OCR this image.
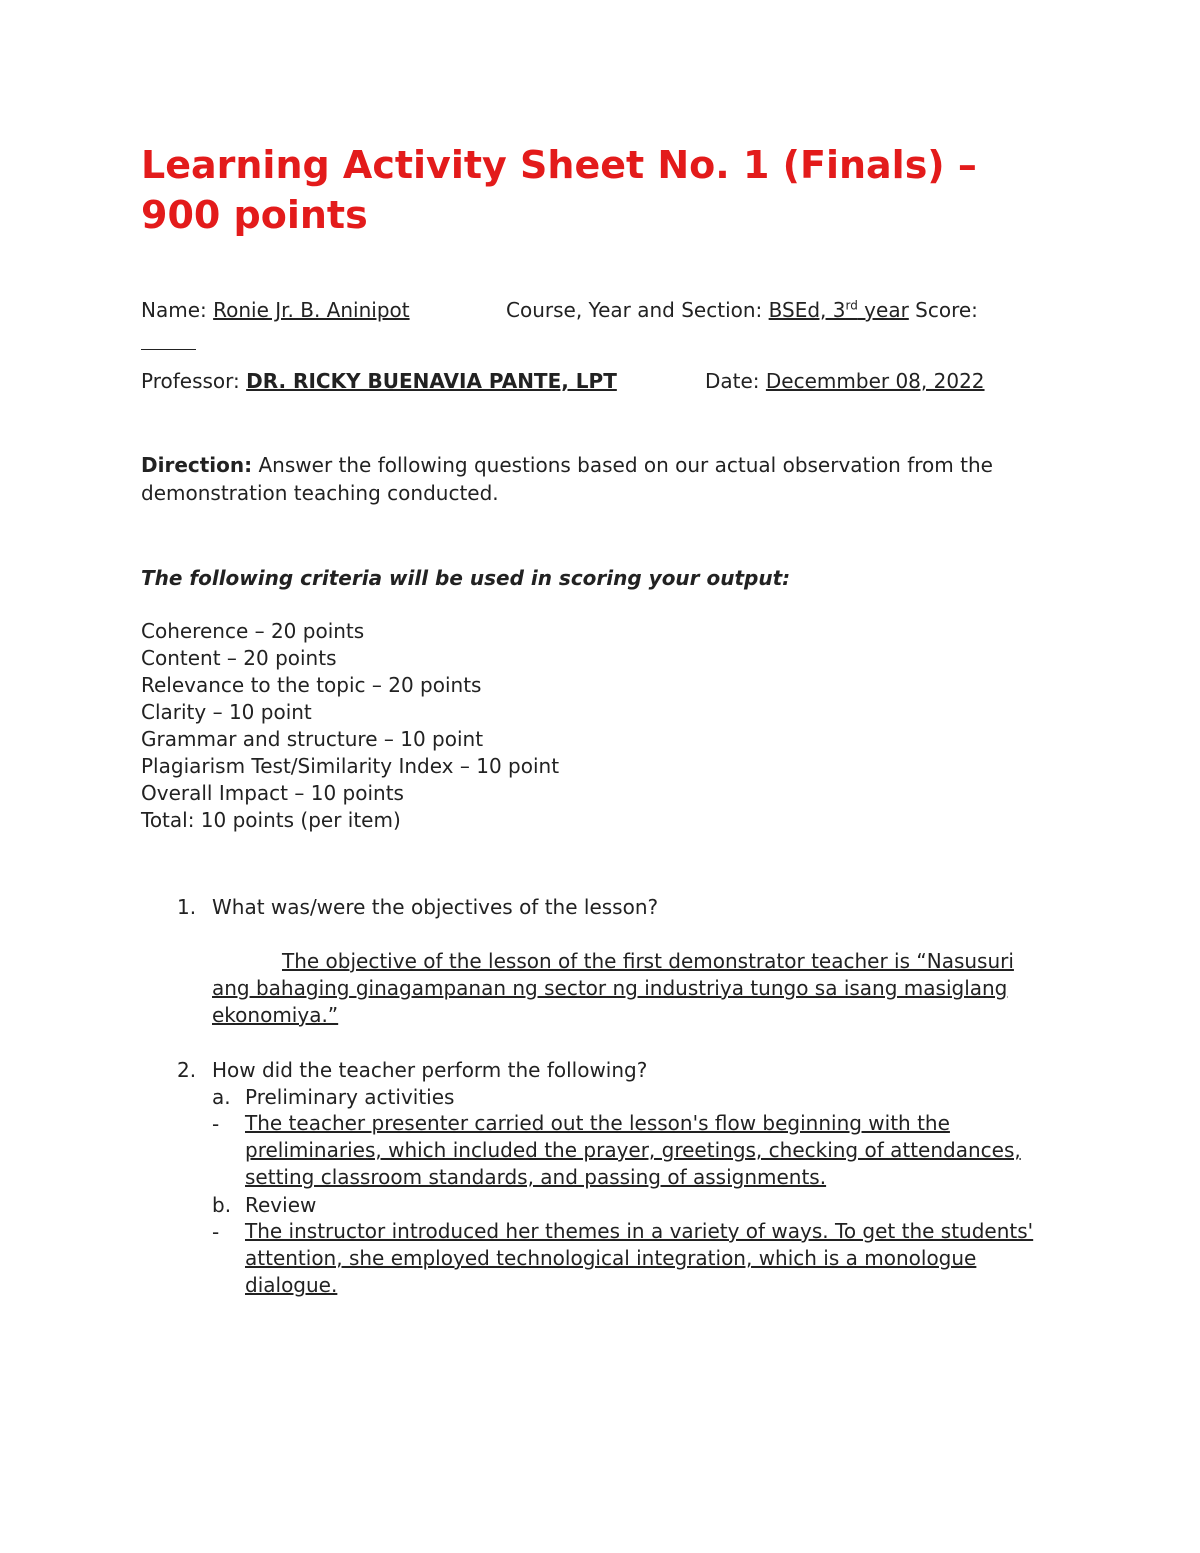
Learning Activity Sheet No. 1 (Finals) – 900 points

Name: Ronie Jr. B. Aninipot	Course, Year and Section: BSEd, 3rd year Score:

Professor: DR. RICKY BUENAVIA PANTE, LPT	Date: Decemmber 08, 2022

Direction: Answer the following questions based on our actual observation from the demonstration teaching conducted.

The following criteria will be used in scoring your output:

Coherence – 20 points
Content – 20 points
Relevance to the topic – 20 points
Clarity – 10 point
Grammar and structure – 10 point
Plagiarism Test/Similarity Index – 10 point
Overall Impact – 10 points
Total: 10 points (per item)
1. What was/were the objectives of the lesson?

The objective of the lesson of the first demonstrator teacher is “Nasusuri ang bahaging ginagampanan ng sector ng industriya tungo sa isang masiglang ekonomiya.”

2. How did the teacher perform the following?
a. Preliminary activities
- The teacher presenter carried out the lesson's flow beginning with the preliminaries, which included the prayer, greetings, checking of attendances, setting classroom standards, and passing of assignments.

b. Review
- The instructor introduced her themes in a variety of ways. To get the students' attention, she employed technological integration, which is a monologue dialogue.
